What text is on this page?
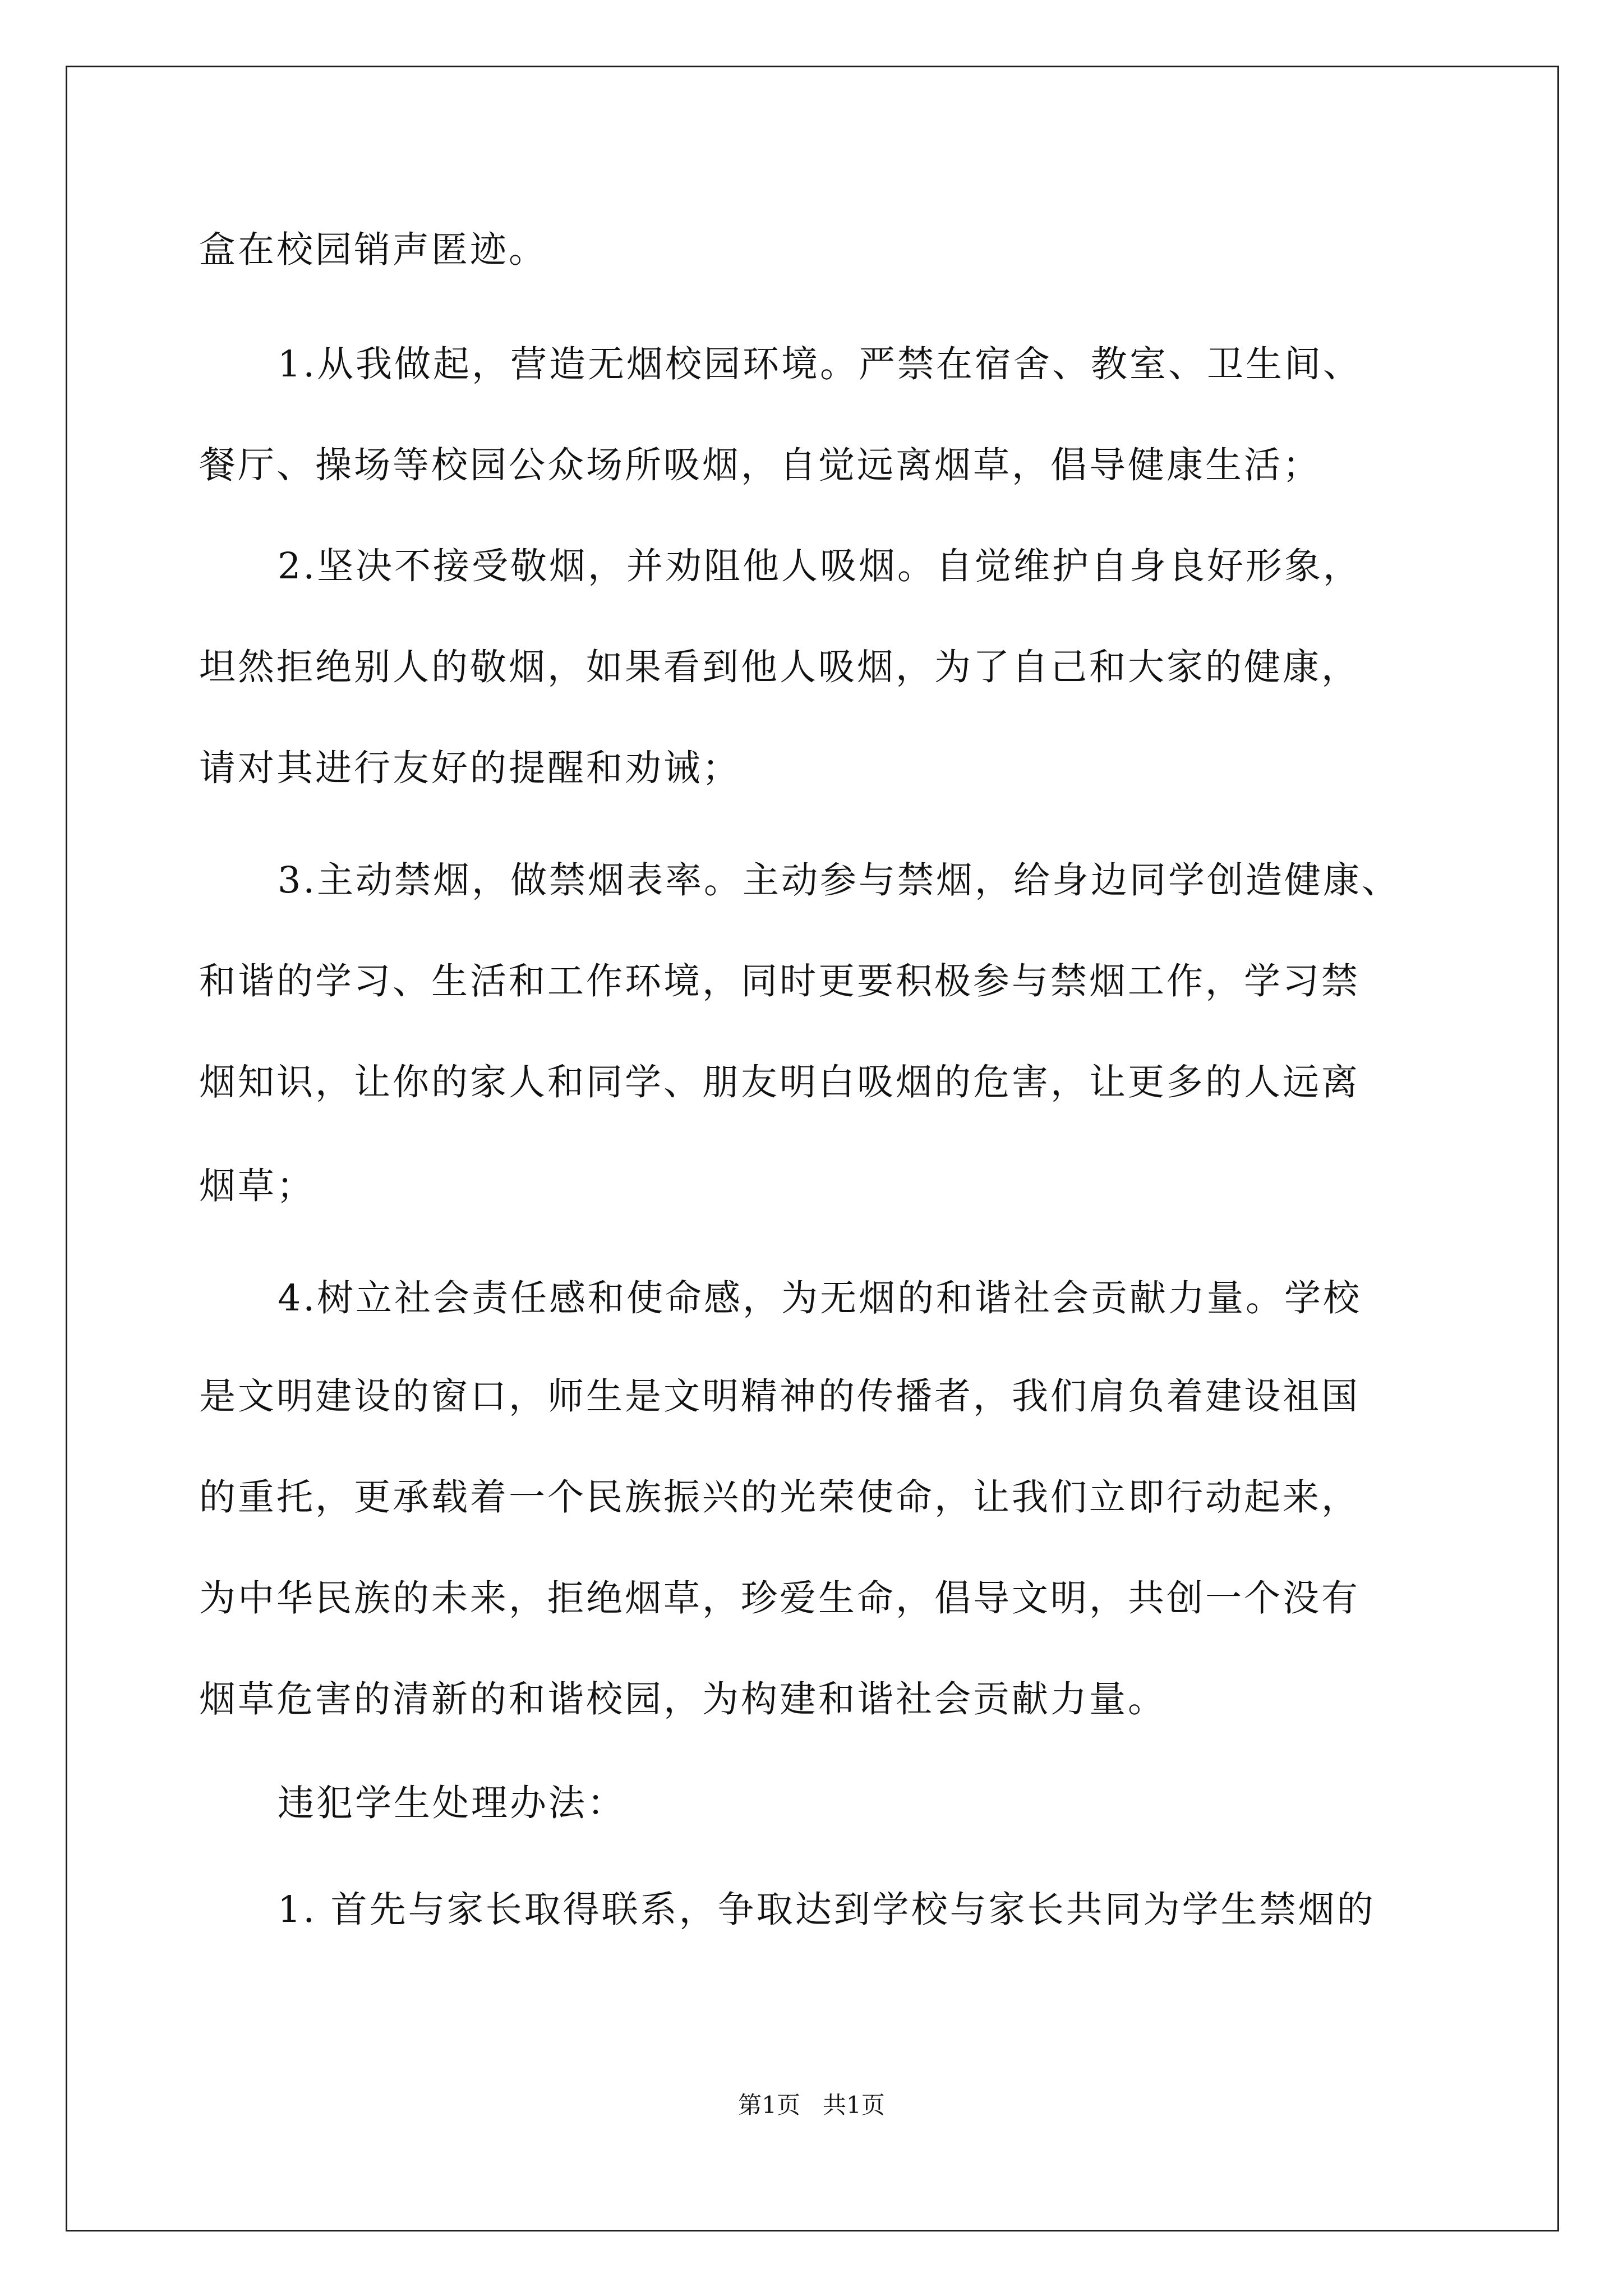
盒在校园销声匿迹。
1.从我做起，营造无烟校园环境。严禁在宿舍、教室、卫生间、
餐厅、操场等校园公众场所吸烟，自觉远离烟草，倡导健康生活；
2.坚决不接受敬烟，并劝阻他人吸烟。自觉维护自身良好形象，
坦然拒绝别人的敬烟，如果看到他人吸烟，为了自己和大家的健康，
请对其进行友好的提醒和劝诫；
3.主动禁烟，做禁烟表率。主动参与禁烟，给身边同学创造健康、
和谐的学习、生活和工作环境，同时更要积极参与禁烟工作，学习禁
烟知识，让你的家人和同学、朋友明白吸烟的危害，让更多的人远离
烟草；
4.树立社会责任感和使命感，为无烟的和谐社会贡献力量。学校
是文明建设的窗口，师生是文明精神的传播者，我们肩负着建设祖国
的重托，更承载着一个民族振兴的光荣使命，让我们立即行动起来，
为中华民族的未来，拒绝烟草，珍爱生命，倡导文明，共创一个没有
烟草危害的清新的和谐校园，为构建和谐社会贡献力量。
违犯学生处理办法：
1. 首先与家长取得联系，争取达到学校与家长共同为学生禁烟的
第1页   共1页
